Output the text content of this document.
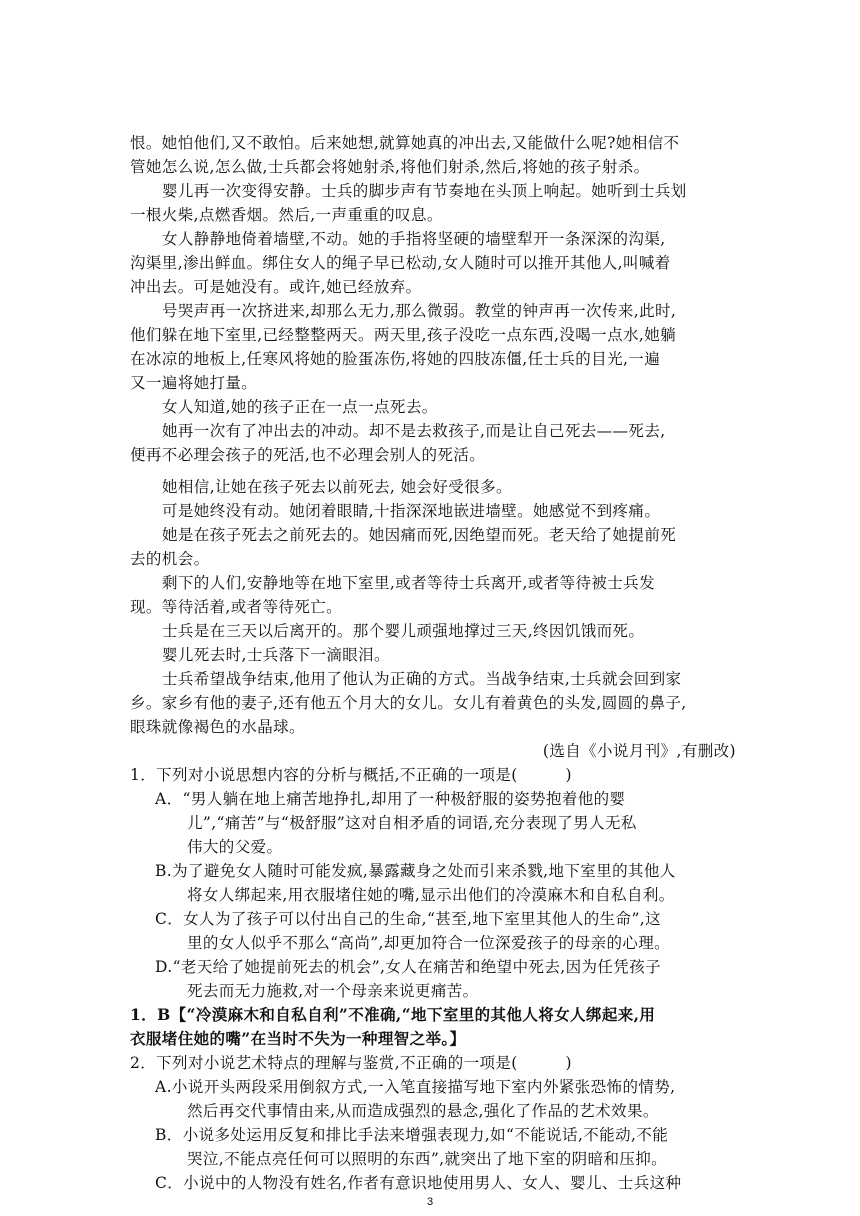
恨。她怕他们,又不敢怕。后来她想,就算她真的冲出去,又能做什么呢?她相信不
管她怎么说,怎么做,士兵都会将她射杀,将他们射杀,然后,将她的孩子射杀。
婴儿再一次变得安静。士兵的脚步声有节奏地在头顶上响起。她听到士兵划
一根火柴,点燃香烟。然后,一声重重的叹息。
女人静静地倚着墙壁,不动。她的手指将坚硬的墙壁犁开一条深深的沟渠,
沟渠里,渗出鲜血。绑住女人的绳子早已松动,女人随时可以推开其他人,叫喊着
冲出去。可是她没有。或许,她已经放弃。
号哭声再一次挤进来,却那么无力,那么微弱。教堂的钟声再一次传来,此时,
他们躲在地下室里,已经整整两天。两天里,孩子没吃一点东西,没喝一点水,她躺
在冰凉的地板上,任寒风将她的脸蛋冻伤,将她的四肢冻僵,任士兵的目光,一遍
又一遍将她打量。
女人知道,她的孩子正在一点一点死去。
她再一次有了冲出去的冲动。却不是去救孩子,而是让自己死去——死去,
便再不必理会孩子的死活,也不必理会别人的死活。
她相信,让她在孩子死去以前死去, 她会好受很多。
可是她终没有动。她闭着眼睛,十指深深地嵌进墙壁。她感觉不到疼痛。
她是在孩子死去之前死去的。她因痛而死,因绝望而死。老天给了她提前死
去的机会。
剩下的人们,安静地等在地下室里,或者等待士兵离开,或者等待被士兵发
现。等待活着,或者等待死亡。
士兵是在三天以后离开的。那个婴儿顽强地撑过三天,终因饥饿而死。
婴儿死去时,士兵落下一滴眼泪。
士兵希望战争结束,他用了他认为正确的方式。当战争结束,士兵就会回到家
乡。家乡有他的妻子,还有他五个月大的女儿。女儿有着黄色的头发,圆圆的鼻子,
眼珠就像褐色的水晶球。
(选自《小说月刊》,有删改)
1．下列对小说思想内容的分析与概括,不正确的一项是(　　　)
A．“男人躺在地上痛苦地挣扎,却用了一种极舒服的姿势抱着他的婴
儿”,“痛苦”与“极舒服”这对自相矛盾的词语,充分表现了男人无私
伟大的父爱。
B.为了避免女人随时可能发疯,暴露藏身之处而引来杀戮,地下室里的其他人
将女人绑起来,用衣服堵住她的嘴,显示出他们的冷漠麻木和自私自利。
C．女人为了孩子可以付出自己的生命,“甚至,地下室里其他人的生命”,这
里的女人似乎不那么“高尚”,却更加符合一位深爱孩子的母亲的心理。
D.“老天给了她提前死去的机会”,女人在痛苦和绝望中死去,因为任凭孩子
死去而无力施救,对一个母亲来说更痛苦。
1．B【“冷漠麻木和自私自利”不准确,“地下室里的其他人将女人绑起来,用
衣服堵住她的嘴”在当时不失为一种理智之举。】
2．下列对小说艺术特点的理解与鉴赏,不正确的一项是(　　　)
A.小说开头两段采用倒叙方式,一入笔直接描写地下室内外紧张恐怖的情势,
然后再交代事情由来,从而造成强烈的悬念,强化了作品的艺术效果。
B．小说多处运用反复和排比手法来增强表现力,如“不能说话,不能动,不能
哭泣,不能点亮任何可以照明的东西”,就突出了地下室的阴暗和压抑。
C．小说中的人物没有姓名,作者有意识地使用男人、女人、婴儿、士兵这种
3
